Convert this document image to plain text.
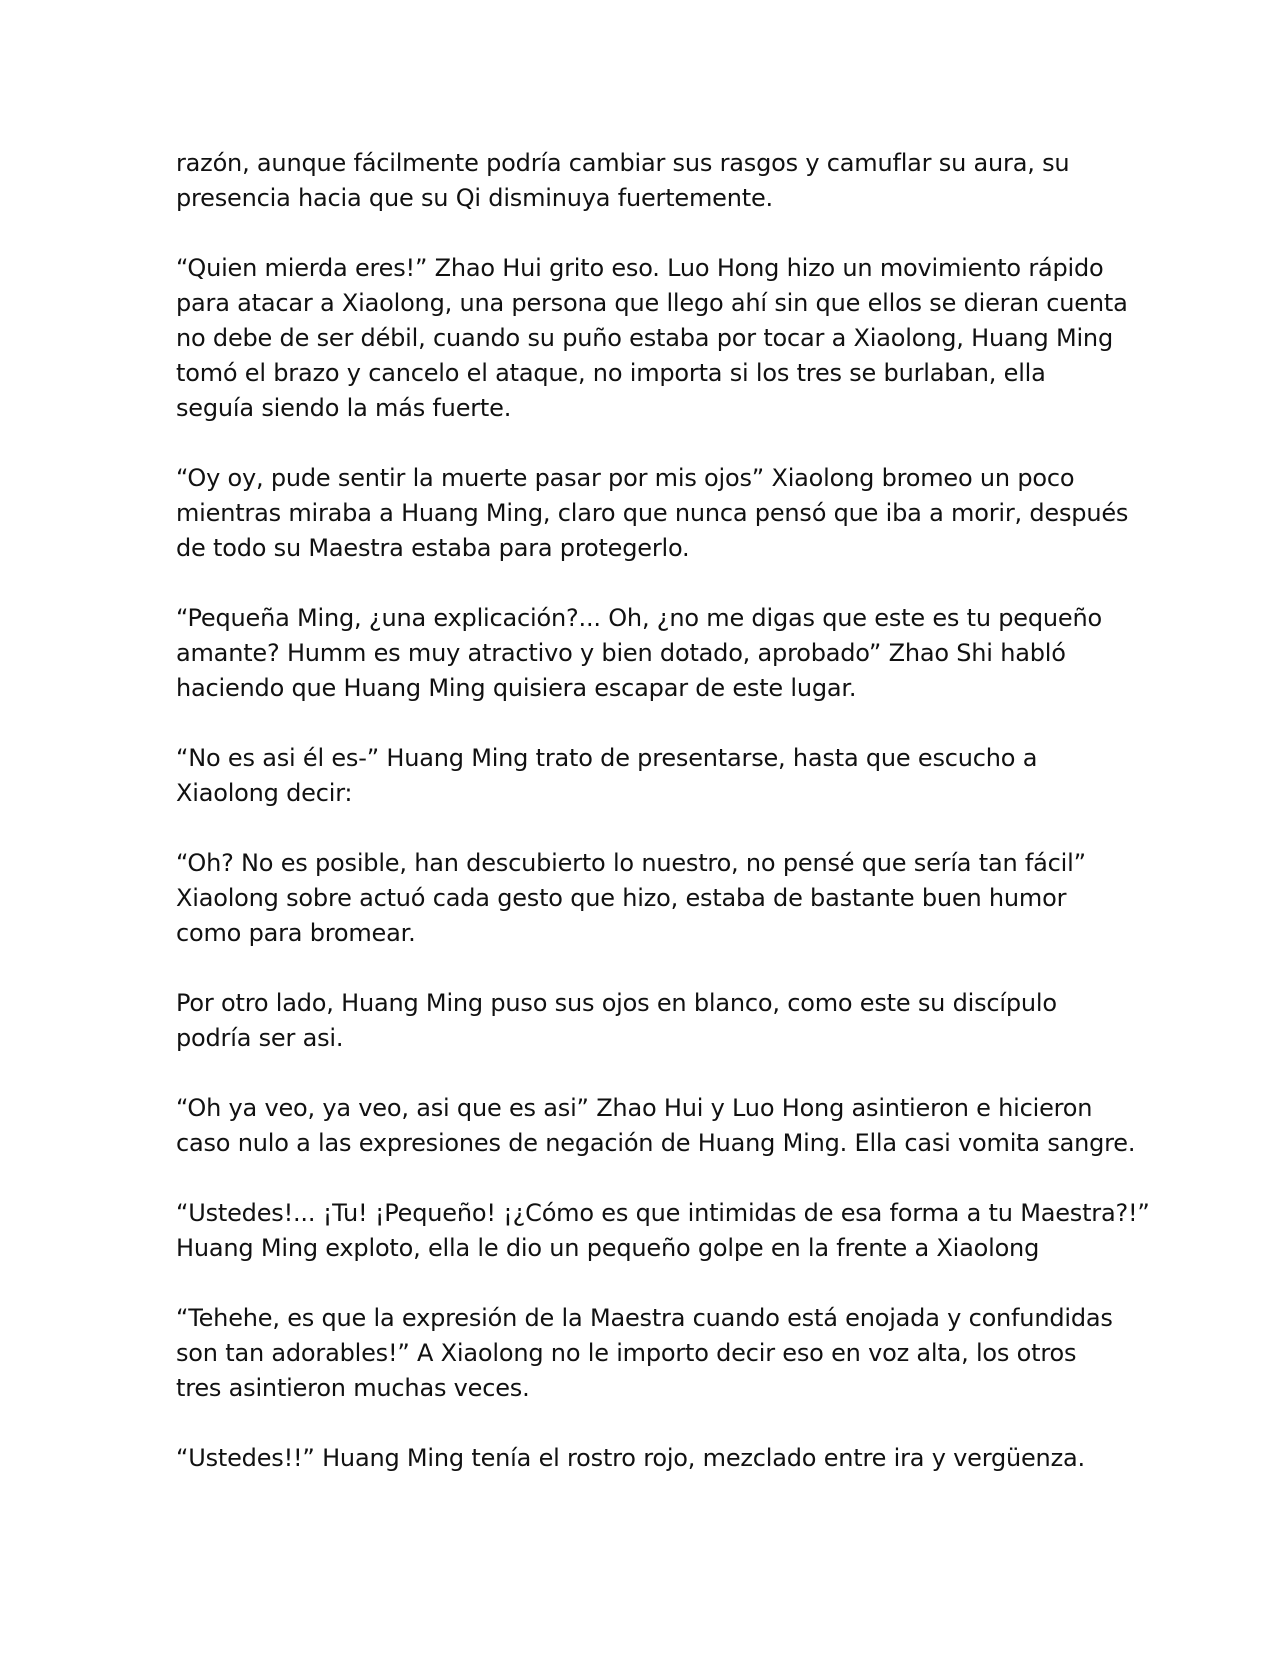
razón, aunque fácilmente podría cambiar sus rasgos y camuflar su aura, su
presencia hacia que su Qi disminuya fuertemente.
“Quien mierda eres!” Zhao Hui grito eso. Luo Hong hizo un movimiento rápido
para atacar a Xiaolong, una persona que llego ahí sin que ellos se dieran cuenta
no debe de ser débil, cuando su puño estaba por tocar a Xiaolong, Huang Ming
tomó el brazo y cancelo el ataque, no importa si los tres se burlaban, ella
seguía siendo la más fuerte.
“Oy oy, pude sentir la muerte pasar por mis ojos” Xiaolong bromeo un poco
mientras miraba a Huang Ming, claro que nunca pensó que iba a morir, después
de todo su Maestra estaba para protegerlo.
“Pequeña Ming, ¿una explicación?... Oh, ¿no me digas que este es tu pequeño
amante? Humm es muy atractivo y bien dotado, aprobado” Zhao Shi habló
haciendo que Huang Ming quisiera escapar de este lugar.
“No es asi él es-” Huang Ming trato de presentarse, hasta que escucho a
Xiaolong decir:
“Oh? No es posible, han descubierto lo nuestro, no pensé que sería tan fácil”
Xiaolong sobre actuó cada gesto que hizo, estaba de bastante buen humor
como para bromear.
Por otro lado, Huang Ming puso sus ojos en blanco, como este su discípulo
podría ser asi.
“Oh ya veo, ya veo, asi que es asi” Zhao Hui y Luo Hong asintieron e hicieron
caso nulo a las expresiones de negación de Huang Ming. Ella casi vomita sangre.
“Ustedes!... ¡Tu! ¡Pequeño! ¡¿Cómo es que intimidas de esa forma a tu Maestra?!”
Huang Ming exploto, ella le dio un pequeño golpe en la frente a Xiaolong
“Tehehe, es que la expresión de la Maestra cuando está enojada y confundidas
son tan adorables!” A Xiaolong no le importo decir eso en voz alta, los otros
tres asintieron muchas veces.
“Ustedes!!” Huang Ming tenía el rostro rojo, mezclado entre ira y vergüenza.
